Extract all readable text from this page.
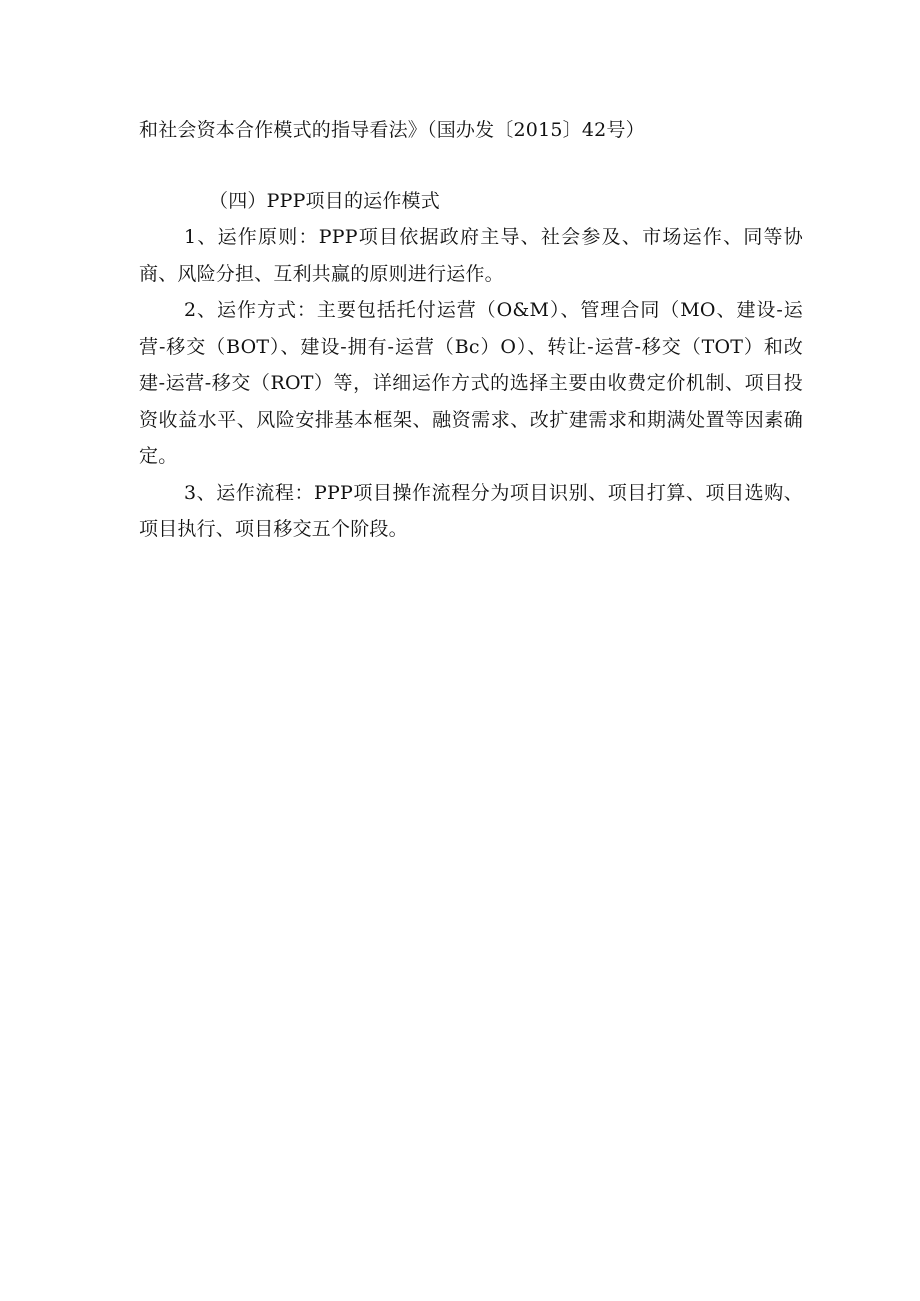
和社会资本合作模式的指导看法》（国办发〔2015〕42号）

（四）PPP项目的运作模式

1、运作原则：PPP项目依据政府主导、社会参及、市场运作、同等协商、风险分担、互利共赢的原则进行运作。

2、运作方式：主要包括托付运营（O&M）、管理合同（MO、建设-运营-移交（BOT）、建设-拥有-运营（Bc）O）、转让-运营-移交（TOT）和改建-运营-移交（ROT）等，详细运作方式的选择主要由收费定价机制、项目投资收益水平、风险安排基本框架、融资需求、改扩建需求和期满处置等因素确定。

3、运作流程：PPP项目操作流程分为项目识别、项目打算、项目选购、项目执行、项目移交五个阶段。
